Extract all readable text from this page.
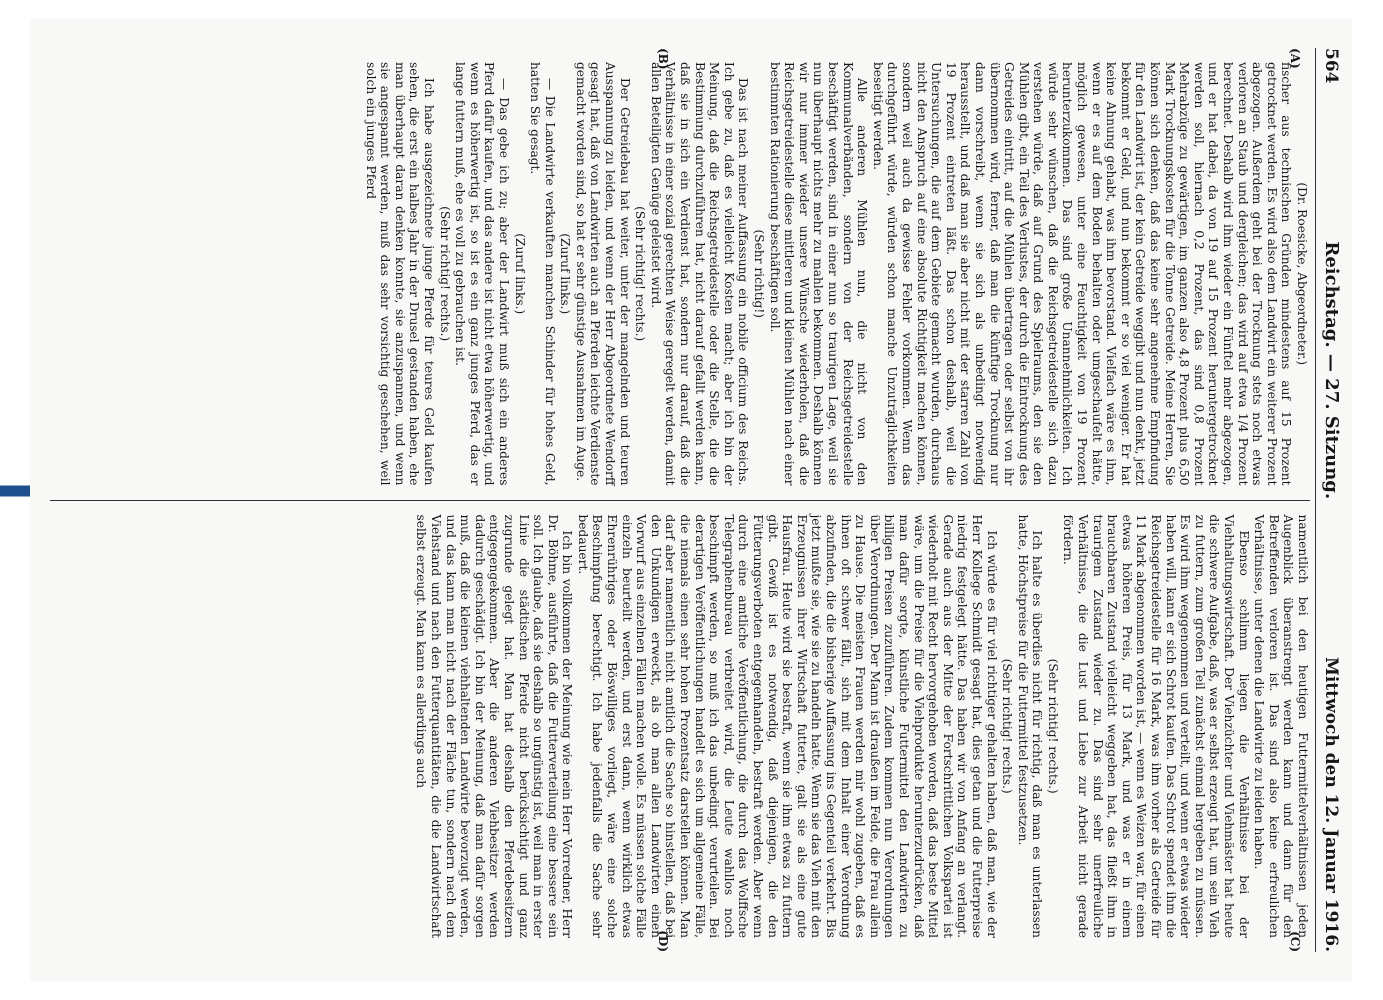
564
Reichstag. — 27. Sitzung.
Mittwoch den 12. Januar 1916.
(A)
(B)

(Dr. Roesicke, Abgeordneter.)

fischer aus technischen Gründen mindestens auf 15 Prozent getrocknet werden. Es wird also dem Landwirt ein weiterer Prozent abgezogen. Außerdem geht bei der Trocknung stets noch etwas verloren an Staub und dergleichen; das wird auf etwa 1/4 Prozent berechnet. Deshalb wird ihm wieder ein Fünftel mehr abgezogen, und er hat dabei, da von 19 auf 15 Prozent heruntergetrocknet werden soll, hiernach 0,2 Prozent, das sind 0,8 Prozent Mehrabzüge zu gewärtigen, im ganzen also 4,8 Prozent plus 6,50 Mark Trocknungskosten für die Tonne Getreide. Meine Herren, Sie können sich denken, daß das keine sehr angenehme Empfindung für den Landwirt ist, der kein Getreide weggibt und nun denkt, jetzt bekommt er Geld, und nun bekommt er so viel weniger. Er hat keine Ahnung gehabt, was ihm bevorstand. Vielfach wäre es ihm, wenn er es auf dem Boden behalten oder umgeschaufelt hätte, möglich gewesen, unter eine Feuchtigkeit von 19 Prozent herunterzukommen. Das sind große Unannehmlichkeiten. Ich würde sehr wünschen, daß die Reichsgetreidestelle sich dazu verstehen würde, daß auf Grund des Spielraums, den sie den Mühlen gibt, ein Teil des Verlustes, der durch die Eintrocknung des Getreides eintritt, auf die Mühlen übertragen oder selbst von ihr übernommen wird, ferner, daß man die künftige Trocknung nur dann vorschreibt, wenn sie sich als unbedingt notwendig herausstellt, und daß man sie aber nicht mit der starren Zahl von 19 Prozent eintreten läßt. Das schon deshalb, weil die Untersuchungen, die auf dem Gebiete gemacht wurden, durchaus nicht den Anspruch auf eine absolute Richtigkeit machen können, sondern weil auch da gewisse Fehler vorkommen. Wenn das durchgeführt würde, würden schon manche Unzuträglichkeiten beseitigt werden.

Alle anderen Mühlen nun, die nicht von den Kommunalverbänden, sondern von der Reichsgetreidestelle beschäftigt werden, sind in einer nun so traurigen Lage, weil sie nun überhaupt nichts mehr zu mahlen bekommen. Deshalb können wir nur immer wieder unsere Wünsche wiederholen, daß die Reichsgetreidestelle diese mittleren und kleinen Mühlen nach einer bestimmten Rationierung beschäftigen soll.

(Sehr richtig!)

Das ist nach meiner Auffassung ein nobile officium des Reichs. Ich gebe zu, daß es vielleicht Kosten macht; aber ich bin der Meinung, daß die Reichsgetreidestelle oder die Stelle, die die Bestimmung durchzuführen hat, nicht darauf gefallt werden kann, daß sie in sich ein Verdienst hat, sondern nur darauf, daß die Verhältnisse in einer sozial gerechten Weise geregelt werden, damit allen Beteiligten Genüge geleistet wird.

(Sehr richtig! rechts.)

Der Getreidebau hat weiter, unter der mangelnden und teuren Ausspannung zu leiden, und wenn der Herr Abgeordnete Wendorff gesagt hat, daß von Landwirten auch an Pferden leichte Verdienste gemacht worden sind, so hat er sehr günstige Ausnahmen im Auge.

(Zuruf links.)

— Die Landwirte verkauften manchen Schinder für hohes Geld, hatten Sie gesagt.

(Zuruf links.)

— Das gebe ich zu; aber der Landwirt muß sich ein anderes Pferd dafür kaufen, und das andere ist nicht etwa höherwertig, und wenn es höherwertig ist, so ist es ein ganz junges Pferd, das er lange futtern muß, ehe es voll zu gebrauchen ist.

(Sehr richtig! rechts.)

Ich habe ausgezeichnete junge Pferde für teures Geld kaufen sehen, die erst ein halbes Jahr in der Drusel gestanden haben, ehe man überhaupt daran denken konnte, sie anzuspannen, und wenn sie angespannt werden, muß das sehr vorsichtig geschehen, weil solch ein junges Pferd

(C)
(D)

namentlich bei den heutigen Futtermittelverhältnissen jeden Augenblick überanstrengt werden kann und dann für den Betreffenden verloren ist. Das sind also keine erfreulichen Verhältnisse, unter denen die Landwirte zu leiden haben.

Ebenso schlimm liegen die Verhältnisse bei der Viehhaltungswirtschaft. Der Viehzüchter und Viehmäster hat heute die schwere Aufgabe, daß, was er selbst erzeugt hat, um sein Vieh zu futtern, zum großen Teil zunächst einmal hergeben zu müssen. Es wird ihm weggenommen und verteilt, und wenn er etwas wieder haben will, kann er sich Schrot kaufen. Das Schrot spendet ihm die Reichsgetreidestelle für 16 Mark, was ihm vorher als Getreide für 11 Mark abgenommen worden ist, — wenn es Weizen war, für einen etwas höheren Preis, für 13 Mark, und was er in einem brauchbaren Zustand vielleicht weggeben hat, das fließt ihm in traurigem Zustand wieder zu. Das sind sehr unerfreuliche Verhältnisse, die die Lust und Liebe zur Arbeit nicht gerade fördern.

(Sehr richtig! rechts.)

Ich halte es überdies nicht für richtig, daß man es unterlassen hatte, Höchstpreise für die Futtermittel festzusetzen.

(Sehr richtig! rechts.)

Ich würde es für viel richtiger gehalten haben, daß man, wie der Herr Kollege Schmidt gesagt hat, dies getan und die Futterpreise niedrig festgelegt hätte. Das haben wir von Anfang an verlangt. Gerade auch aus der Mitte der Fortschrittlichen Volkspartei ist wiederholt mit Recht hervorgehoben worden, daß das beste Mittel wäre, um die Preise für die Viehprodukte herunterzudrücken, daß man dafür sorgte, künstliche Futtermittel den Landwirten zu billigen Preisen zuzuführen. Zudem kommen nun Verordnungen über Verordnungen. Der Mann ist draußen im Felde, die Frau allein zu Hause. Die meisten Frauen werden mir wohl zugeben, daß es ihnen oft schwer fällt, sich mit dem Inhalt einer Verordnung abzufinden, die die bisherige Auffassung ins Gegenteil verkehrt. Bis jetzt mußte sie, wie sie zu handeln hatte. Wenn sie das Vieh mit den Erzeugnissen ihrer Wirtschaft futterte, galt sie als eine gute Hausfrau. Heute wird sie bestraft, wenn sie ihm etwas zu futtern gibt. Gewiß ist es notwendig, daß diejenigen, die den Fütterungsverboten entgegenhandeln, bestraft werden. Aber wenn durch eine amtliche Veröffentlichung, die durch das Wolffsche Telegraphenbureau verbreitet wird, die Leute wahllos noch beschimpft werden, so muß ich das unbedingt verurteilen. Bei derartigen Veröffentlichungen handelt es sich um allgemeine Fälle, die niemals einen sehr hohen Prozentsatz darstellen können. Man darf aber namentlich nicht amtlich die Sache so hinstellen, daß bei den Unkundigen erweckt, als ob man allen Landwirten einen Vorwurf aus einzelnen Fällen machen wolle. Es müssen solche Fälle einzeln beurteilt werden, und erst dann, wenn wirklich etwas Ehrenrühriges oder Böswilliges vorliegt, wäre eine solche Beschimpfung berechtigt. Ich habe jedenfalls die Sache sehr bedauert.

Ich bin vollkommen der Meinung wie mein Herr Vorredner, Herr Dr. Böhme, ausführte, daß die Futterverteilung eine bessere sein soll. Ich glaube, daß sie deshalb so ungünstig ist, weil man in erster Linie die städtischen Pferde nicht berücksichtigt und ganz zugrunde gelegt hat. Man hat deshalb den Pferdebesitzern entgegengekommen. Aber die anderen Viehbesitzer werden dadurch geschädigt. Ich bin der Meinung, daß man dafür sorgen muß, daß die kleinen viehhaltenden Landwirte bevorzugt werden, und das kann man nicht nach der Fläche tun, sondern nach dem Viehstand und nach den Futterquantitäten, die die Landwirtschaft selbst erzeugt. Man kann es allerdings auch
